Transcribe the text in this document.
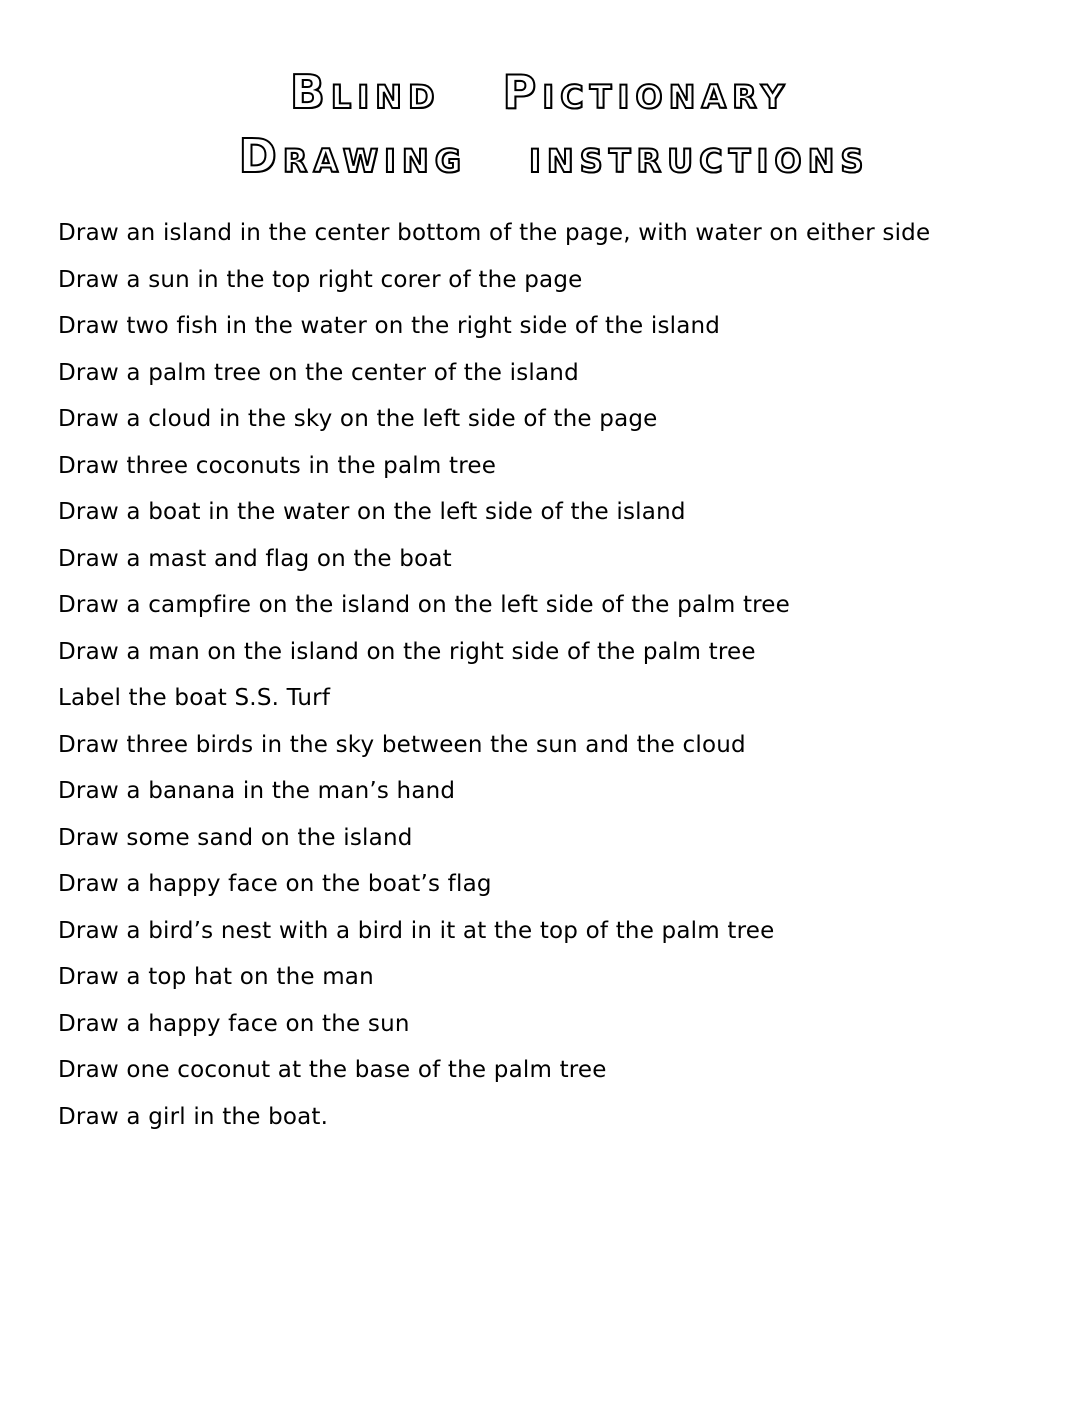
Blind Pictionary
Drawing instructions
Draw an island in the center bottom of the page, with water on either side
Draw a sun in the top right corer of the page
Draw two fish in the water on the right side of the island
Draw a palm tree on the center of the island
Draw a cloud in the sky on the left side of the page
Draw three coconuts in the palm tree
Draw a boat in the water on the left side of the island
Draw a mast and flag on the boat
Draw a campfire on the island on the left side of the palm tree
Draw a man on the island on the right side of the palm tree
Label the boat S.S. Turf
Draw three birds in the sky between the sun and the cloud
Draw a banana in the man’s hand
Draw some sand on the island
Draw a happy face on the boat’s flag
Draw a bird’s nest with a bird in it at the top of the palm tree
Draw a top hat on the man
Draw a happy face on the sun
Draw one coconut at the base of the palm tree
Draw a girl in the boat.
